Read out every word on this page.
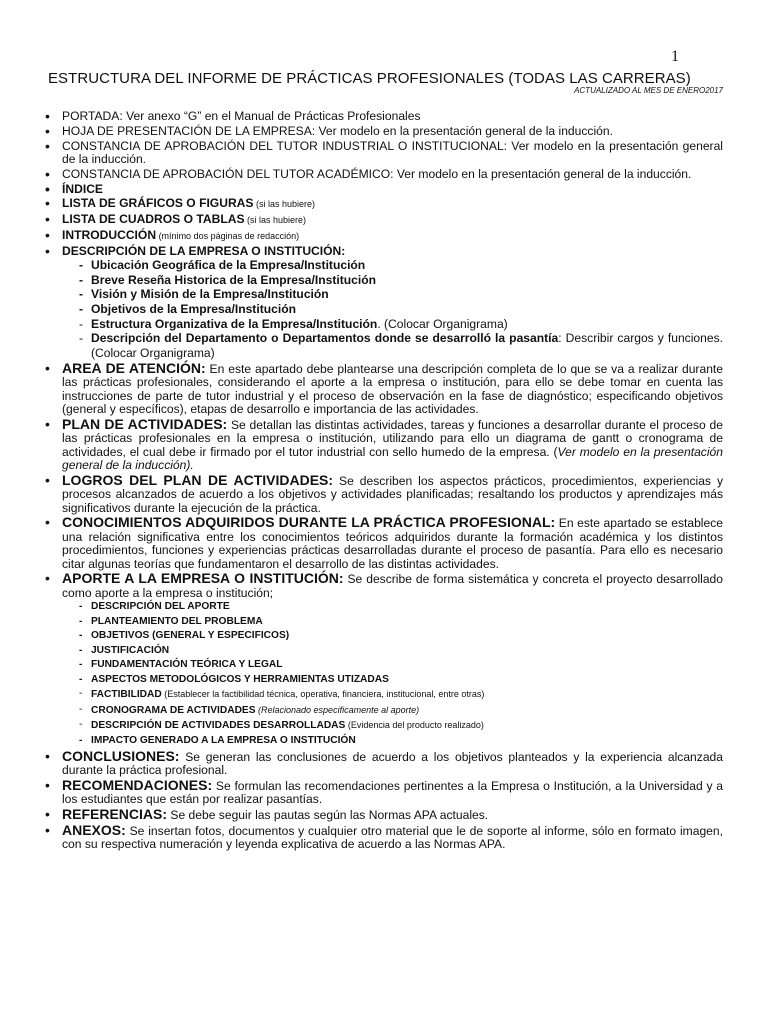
1
ESTRUCTURA DEL INFORME DE PRÁCTICAS PROFESIONALES (TODAS LAS CARRERAS)
ACTUALIZADO AL MES DE ENERO2017
• PORTADA: Ver anexo “G” en el Manual de Prácticas Profesionales
• HOJA DE PRESENTACIÓN DE LA EMPRESA: Ver modelo en la presentación general de la inducción.
• CONSTANCIA DE APROBACIÓN DEL TUTOR INDUSTRIAL O INSTITUCIONAL: Ver modelo en la presentación general de la inducción.
• CONSTANCIA DE APROBACIÓN DEL TUTOR ACADÉMICO: Ver modelo en la presentación general de la inducción.
• ÍNDICE
• LISTA DE GRÁFICOS O FIGURAS (si las hubiere)
• LISTA DE CUADROS O TABLAS (si las hubiere)
• INTRODUCCIÓN (mínimo dos páginas de redacción)
• DESCRIPCIÓN DE LA EMPRESA O INSTITUCIÓN:
- Ubicación Geográfica de la Empresa/Institución
- Breve Reseña Historica de la Empresa/Institución
- Visión y Misión de la Empresa/Institución
- Objetivos de la Empresa/Institución
- Estructura Organizativa de la Empresa/Institución. (Colocar Organigrama)
- Descripción del Departamento o Departamentos donde se desarrolló la pasantía: Describir cargos y funciones. (Colocar Organigrama)
• AREA DE ATENCIÓN: En este apartado debe plantearse una descripción completa de lo que se va a realizar durante las prácticas profesionales, considerando el aporte a la empresa o institución, para ello se debe tomar en cuenta las instrucciones de parte de tutor industrial y el proceso de observación en la fase de diagnóstico; especificando objetivos (general y específicos), etapas de desarrollo e importancia de las actividades.
• PLAN DE ACTIVIDADES: Se detallan las distintas actividades, tareas y funciones a desarrollar durante el proceso de las prácticas profesionales en la empresa o institución, utilizando para ello un diagrama de gantt o cronograma de actividades, el cual debe ir firmado por el tutor industrial con sello humedo de la empresa. (Ver modelo en la presentación general de la inducción).
• LOGROS DEL PLAN DE ACTIVIDADES: Se describen los aspectos prácticos, procedimientos, experiencias y procesos alcanzados de acuerdo a los objetivos y actividades planificadas; resaltando los productos y aprendizajes más significativos durante la ejecución de la práctica.
• CONOCIMIENTOS ADQUIRIDOS DURANTE LA PRÁCTICA PROFESIONAL: En este apartado se establece una relación significativa entre los conocimientos teóricos adquiridos durante la formación académica y los distintos procedimientos, funciones y experiencias prácticas desarrolladas durante el proceso de pasantía. Para ello es necesario citar algunas teorías que fundamentaron el desarrollo de las distintas actividades.
• APORTE A LA EMPRESA O INSTITUCIÓN: Se describe de forma sistemática y concreta el proyecto desarrollado como aporte a la empresa o institución;
- DESCRIPCIÓN DEL APORTE
- PLANTEAMIENTO DEL PROBLEMA
- OBJETIVOS (GENERAL Y ESPECIFICOS)
- JUSTIFICACIÓN
- FUNDAMENTACIÓN TEÓRICA Y LEGAL
- ASPECTOS METODOLÓGICOS Y HERRAMIENTAS UTIZADAS
- FACTIBILIDAD (Establecer la factibilidad técnica, operativa, financiera, institucional, entre otras)
- CRONOGRAMA DE ACTIVIDADES (Relacionado especificamente al aporte)
- DESCRIPCIÓN DE ACTIVIDADES DESARROLLADAS (Evidencia del producto realizado)
- IMPACTO GENERADO A LA EMPRESA O INSTITUCIÓN
• CONCLUSIONES: Se generan las conclusiones de acuerdo a los objetivos planteados y la experiencia alcanzada durante la práctica profesional.
• RECOMENDACIONES: Se formulan las recomendaciones pertinentes a la Empresa o Institución, a la Universidad y a los estudiantes que están por realizar pasantías.
• REFERENCIAS: Se debe seguir las pautas según las Normas APA actuales.
• ANEXOS: Se insertan fotos, documentos y cualquier otro material que le de soporte al informe, sólo en formato imagen, con su respectiva numeración y leyenda explicativa de acuerdo a las Normas APA.
